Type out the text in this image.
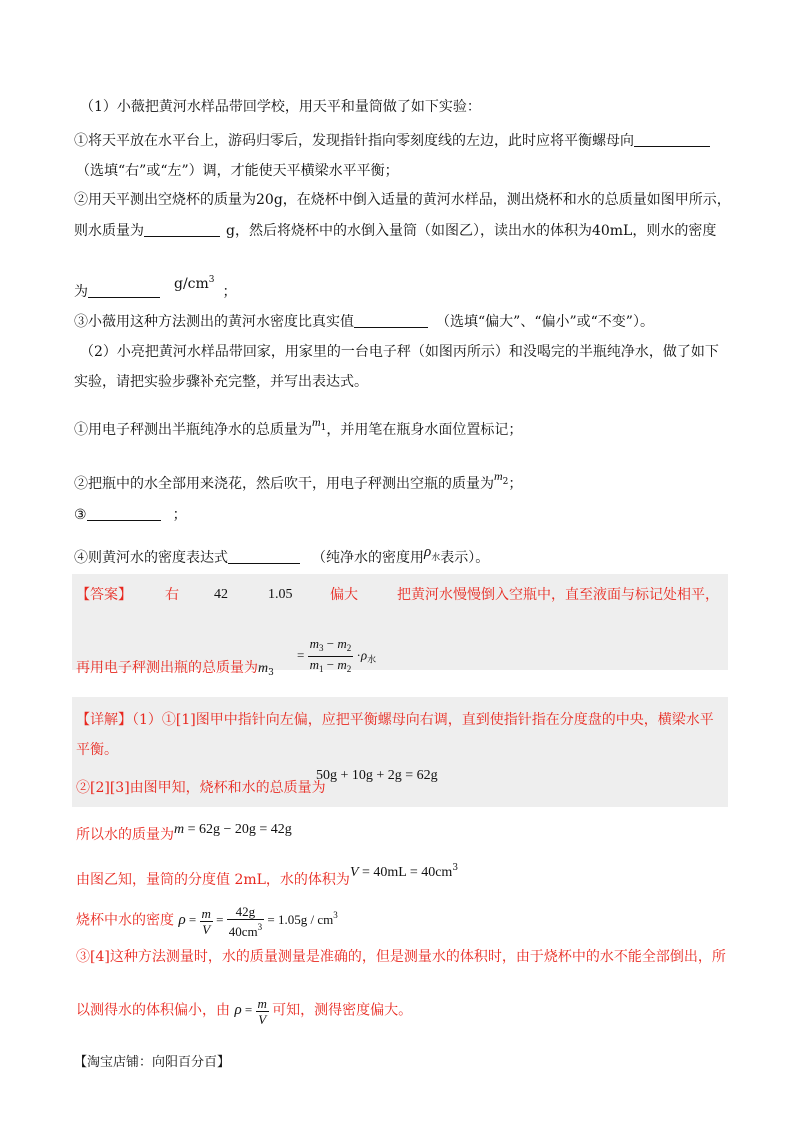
（1）小薇把黄河水样品带回学校，用天平和量筒做了如下实验：
①将天平放在水平台上，游码归零后，发现指针指向零刻度线的左边，此时应将平衡螺母向
（选填“右”或“左”）调，才能使天平横梁水平平衡；
②用天平测出空烧杯的质量为20g，在烧杯中倒入适量的黄河水样品，测出烧杯和水的总质量如图甲所示，
则水质量为	g，然后将烧杯中的水倒入量筒（如图乙），读出水的体积为40mL，则水的密度
为	$g/cm^3$；
③小薇用这种方法测出的黄河水密度比真实值	（选填“偏大”、“偏小”或“不变”）。
（2）小亮把黄河水样品带回家，用家里的一台电子秤（如图丙所示）和没喝完的半瓶纯净水，做了如下
实验，请把实验步骤补充完整，并写出表达式。
①用电子秤测出半瓶纯净水的总质量为$m^1$，并用笔在瓶身水面位置标记；
②把瓶中的水全部用来浇花，然后吹干，用电子秤测出空瓶的质量为$m^2$；
③	；
④则黄河水的密度表达式	（纯净水的密度用$\rho^水$表示）。
【答案】 右	42	1.05	偏大	把黄河水慢慢倒入空瓶中，直至液面与标记处相平，
再用电子秤测出瓶的总质量为$m_3$
= $\frac{m_3 - m_2}{m_1 - m_2} \cdot\rho_水$
【详解】（1）①[1]图甲中指针向左偏，应把平衡螺母向右调，直到使指针指在分度盘的中央，横梁水平
平衡。
②[2][3]由图甲知，烧杯和水的总质量为
50g + 10g + 2g = 62g
所以水的质量为m = 62g − 20g = 42g
由图乙知，量筒的分度值 2mL，水的体积为$V = 40mL = 40cm^3$
烧杯中水的密度 $\rho = \frac{m}{V} = \frac{42g}{40cm^3} = 1.05g / cm^3$
③[4]这种方法测量时，水的质量测量是准确的，但是测量水的体积时，由于烧杯中的水不能全部倒出，所
以测得水的体积偏小，由 $\rho = \frac{m}{V}$ 可知，测得密度偏大。
【淘宝店铺：向阳百分百】
